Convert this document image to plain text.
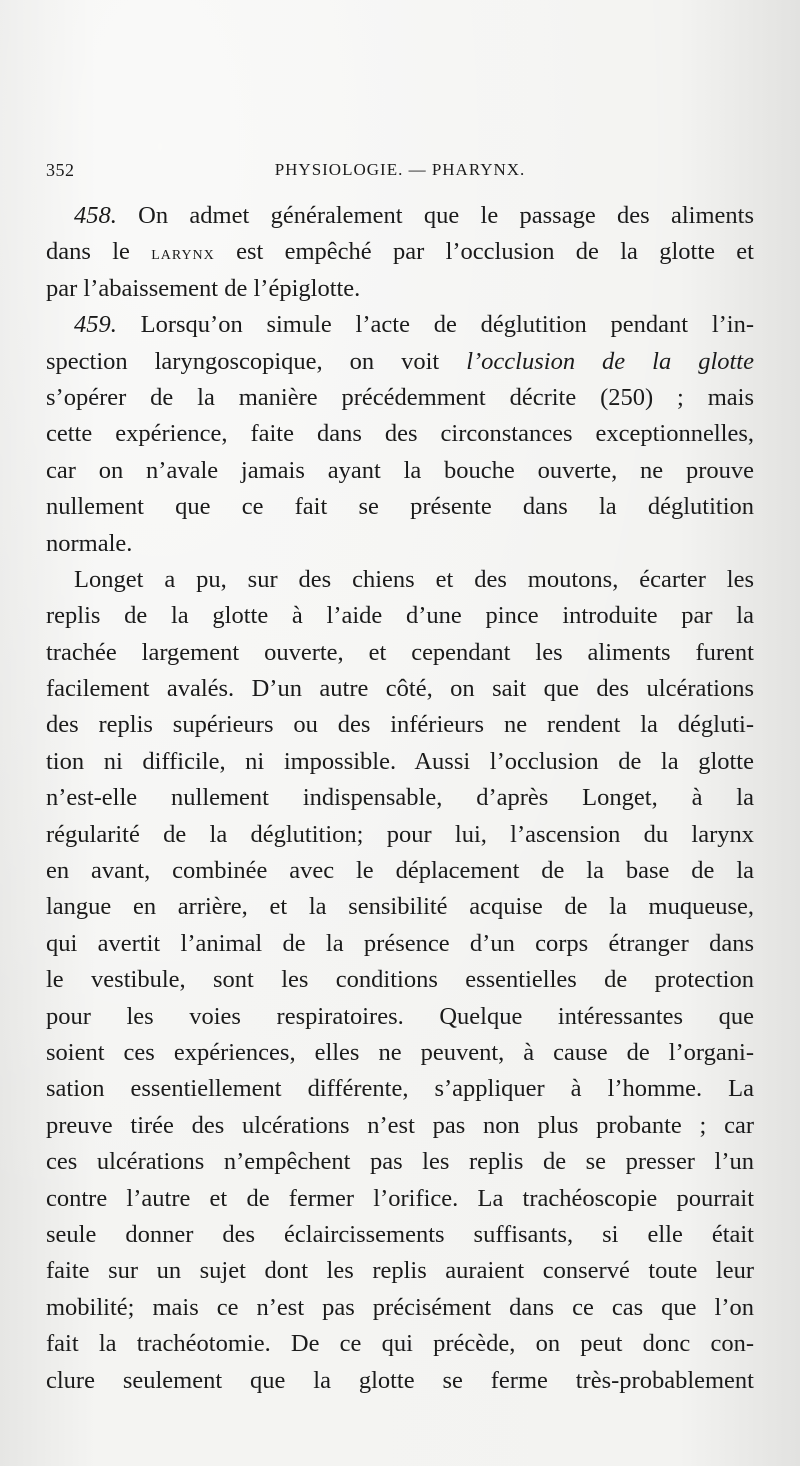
352	PHYSIOLOGIE. — PHARYNX.
458. On admet généralement que le passage des aliments
dans le larynx est empêché par l’occlusion de la glotte et
par l’abaissement de l’épiglotte.
459. Lorsqu’on simule l’acte de déglutition pendant l’in-
spection laryngoscopique, on voit l’occlusion de la glotte
s’opérer de la manière précédemment décrite (250) ; mais
cette expérience, faite dans des circonstances exceptionnelles,
car on n’avale jamais ayant la bouche ouverte, ne prouve
nullement que ce fait se présente dans la déglutition
normale.
Longet a pu, sur des chiens et des moutons, écarter les
replis de la glotte à l’aide d’une pince introduite par la
trachée largement ouverte, et cependant les aliments furent
facilement avalés. D’un autre côté, on sait que des ulcérations
des replis supérieurs ou des inférieurs ne rendent la dégluti-
tion ni difficile, ni impossible. Aussi l’occlusion de la glotte
n’est-elle nullement indispensable, d’après Longet, à la
régularité de la déglutition; pour lui, l’ascension du larynx
en avant, combinée avec le déplacement de la base de la
langue en arrière, et la sensibilité acquise de la muqueuse,
qui avertit l’animal de la présence d’un corps étranger dans
le vestibule, sont les conditions essentielles de protection
pour les voies respiratoires. Quelque intéressantes que
soient ces expériences, elles ne peuvent, à cause de l’organi-
sation essentiellement différente, s’appliquer à l’homme. La
preuve tirée des ulcérations n’est pas non plus probante ; car
ces ulcérations n’empêchent pas les replis de se presser l’un
contre l’autre et de fermer l’orifice. La trachéoscopie pourrait
seule donner des éclaircissements suffisants, si elle était
faite sur un sujet dont les replis auraient conservé toute leur
mobilité; mais ce n’est pas précisément dans ce cas que l’on
fait la trachéotomie. De ce qui précède, on peut donc con-
clure seulement que la glotte se ferme très-probablement
